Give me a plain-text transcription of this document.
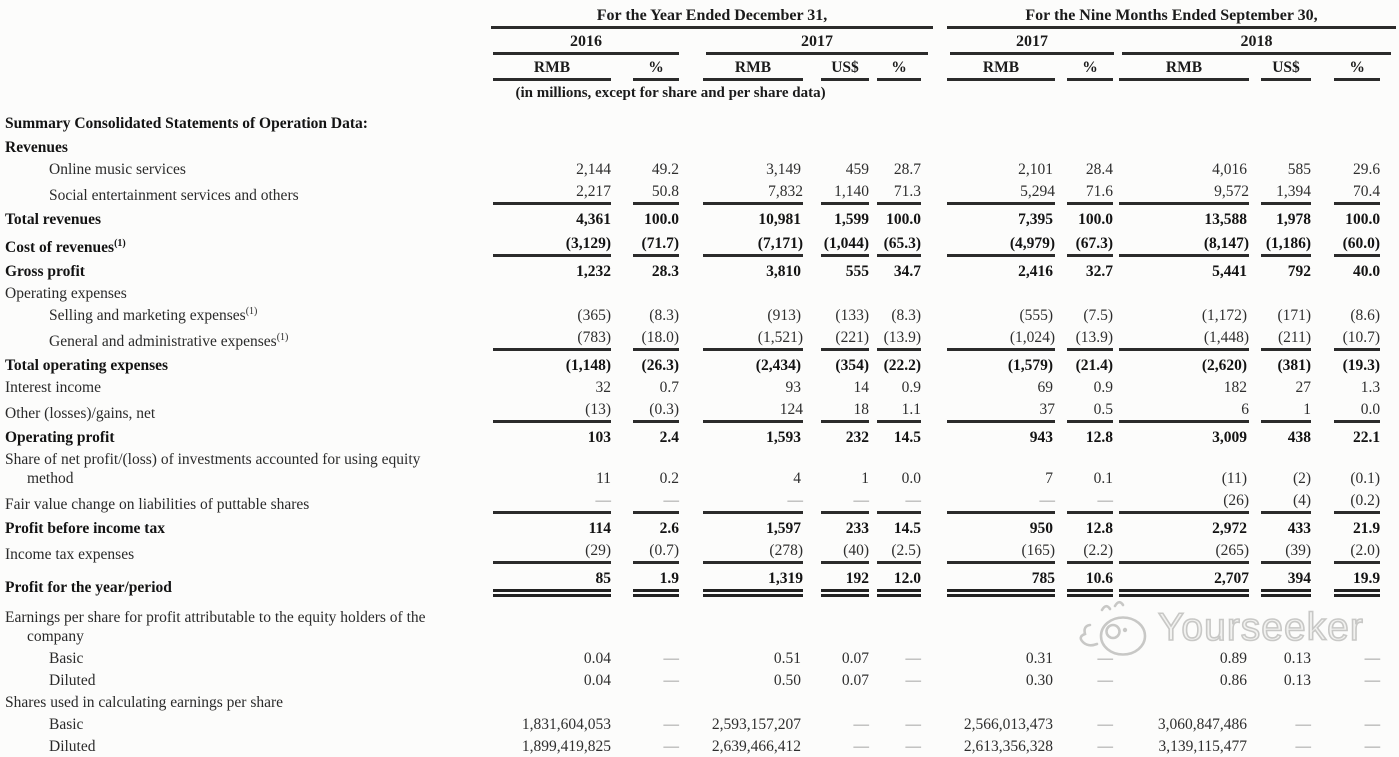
	For the Year Ended December 31,						For the Nine Months Ended September 30,				

	2016		2017				2017		2018		

	RMB	%	RMB	US$	%		RMB	%	RMB	US$	%
(in millions, except for share and per share data)											

Summary Consolidated Statements of Operation Data:											

Revenues											

Online music services	2,144	49.2	3,149	459	28.7		2,101	28.4	4,016	585	29.6

Social entertainment services and others	2,217	50.8	7,832	1,140	71.3		5,294	71.6	9,572	1,394	70.4

Total revenues	4,361	100.0	10,981	1,599	100.0		7,395	100.0	13,588	1,978	100.0

Cost of revenues$^{(1)}$	(3,129)	(71.7)	(7,171)	(1,044)	(65.3)		(4,979)	(67.3)	(8,147)	(1,186)	(60.0)

Gross profit	1,232	28.3	3,810	555	34.7		2,416	32.7	5,441	792	40.0

Operating expenses											

Selling and marketing expenses$^{(1)}$	(365)	(8.3)	(913)	(133)	(8.3)		(555)	(7.5)	(1,172)	(171)	(8.6)

General and administrative expenses$^{(1)}$	(783)	(18.0)	(1,521)	(221)	(13.9)		(1,024)	(13.9)	(1,448)	(211)	(10.7)

Total operating expenses	(1,148)	(26.3)	(2,434)	(354)	(22.2)		(1,579)	(21.4)	(2,620)	(381)	(19.3)

Interest income	32	0.7	93	14	0.9		69	0.9	182	27	1.3

Other (losses)/gains, net	(13)	(0.3)	124	18	1.1		37	0.5	6	1	0.0

Operating profit	103	2.4	1,593	232	14.5		943	12.8	3,009	438	22.1

Share of net profit/(loss) of investments accounted for using equity
method	11	0.2	4	1	0.0		7	0.1	(11)	(2)	(0.1)

Fair value change on liabilities of puttable shares	—	—	—	—	—		—	—	(26)	(4)	(0.2)

Profit before income tax	114	2.6	1,597	233	14.5		950	12.8	2,972	433	21.9

Income tax expenses	(29)	(0.7)	(278)	(40)	(2.5)		(165)	(2.2)	(265)	(39)	(2.0)

Profit for the year/period	85	1.9	1,319	192	12.0		785	10.6	2,707	394	19.9

Earnings per share for profit attributable to the equity holders of the
company											

Basic	0.04	—	0.51	0.07	—		0.31	—	0.89	0.13	—

Diluted	0.04	—	0.50	0.07	—		0.30	—	0.86	0.13	—

Shares used in calculating earnings per share											

Basic	1,831,604,053	—	2,593,157,207	—	—		2,566,013,473	—	3,060,847,486	—	—

Diluted	1,899,419,825	—	2,639,466,412	—	—		2,613,356,328	—	3,139,115,477	—	—
Yourseeker
